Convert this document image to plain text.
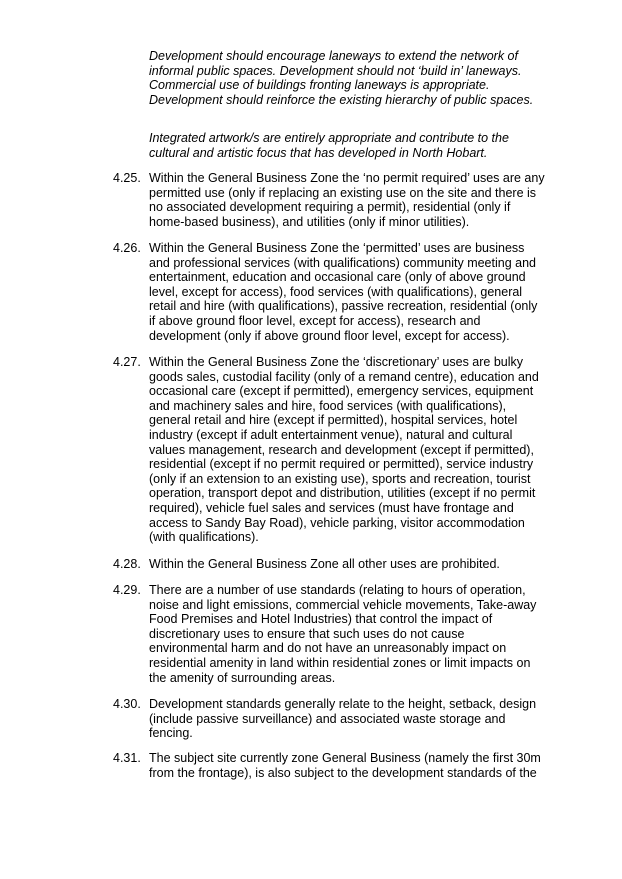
Development should encourage laneways to extend the network of
informal public spaces. Development should not ‘build in’ laneways.
Commercial use of buildings fronting laneways is appropriate.
Development should reinforce the existing hierarchy of public spaces.
Integrated artwork/s are entirely appropriate and contribute to the
cultural and artistic focus that has developed in North Hobart.
4.25. Within the General Business Zone the ‘no permit required’ uses are any
permitted use (only if replacing an existing use on the site and there is
no associated development requiring a permit), residential (only if
home-based business), and utilities (only if minor utilities).
4.26. Within the General Business Zone the ‘permitted’ uses are business
and professional services (with qualifications) community meeting and
entertainment, education and occasional care (only of above ground
level, except for access), food services (with qualifications), general
retail and hire (with qualifications), passive recreation, residential (only
if above ground floor level, except for access), research and
development (only if above ground floor level, except for access).
4.27. Within the General Business Zone the ‘discretionary’ uses are bulky
goods sales, custodial facility (only of a remand centre), education and
occasional care (except if permitted), emergency services, equipment
and machinery sales and hire, food services (with qualifications),
general retail and hire (except if permitted), hospital services, hotel
industry (except if adult entertainment venue), natural and cultural
values management, research and development (except if permitted),
residential (except if no permit required or permitted), service industry
(only if an extension to an existing use), sports and recreation, tourist
operation, transport depot and distribution, utilities (except if no permit
required), vehicle fuel sales and services (must have frontage and
access to Sandy Bay Road), vehicle parking, visitor accommodation
(with qualifications).
4.28. Within the General Business Zone all other uses are prohibited.
4.29. There are a number of use standards (relating to hours of operation,
noise and light emissions, commercial vehicle movements, Take-away
Food Premises and Hotel Industries) that control the impact of
discretionary uses to ensure that such uses do not cause
environmental harm and do not have an unreasonably impact on
residential amenity in land within residential zones or limit impacts on
the amenity of surrounding areas.
4.30. Development standards generally relate to the height, setback, design
(include passive surveillance) and associated waste storage and
fencing.
4.31. The subject site currently zone General Business (namely the first 30m
from the frontage), is also subject to the development standards of the
